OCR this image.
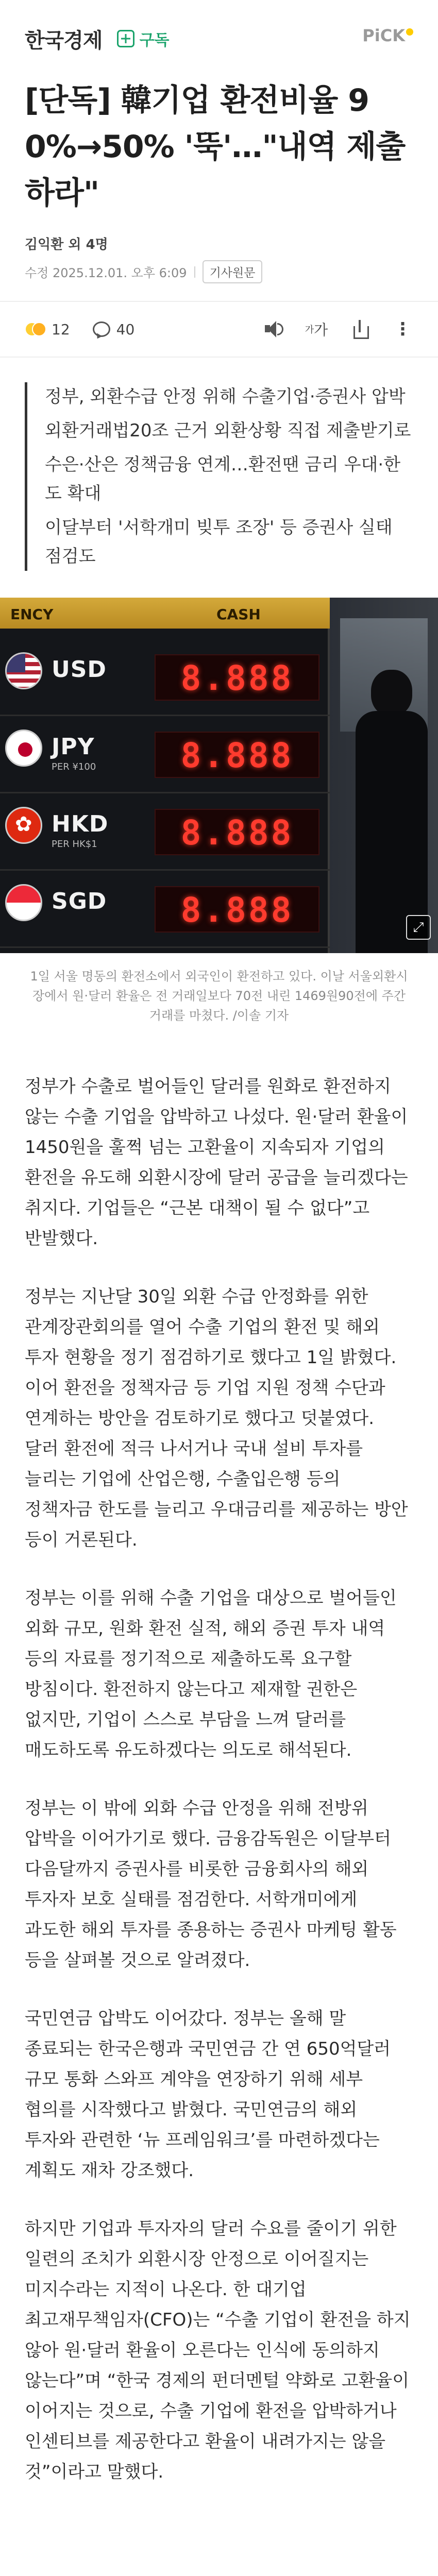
한국경제 구독	PiCK
[단독] 韓기업 환전비율 90%→50% '뚝'…"내역 제출하라"
김익환 외 4명
수정 2025.12.01. 오후 6:09	기사원문
12	40	가 가	⋮

정부, 외환수급 안정 위해 수출기업·증권사 압박

외환거래법20조 근거 외환상황 직접 제출받기로

수은·산은 정책금융 연계…환전땐 금리 우대·한도 확대

이달부터 '서학개미 빚투 조장' 등 증권사 실태 점검도

ENCY	CASH
USD	8.888
JPY
PER ¥100	8.888
✿
HKD
PER HK$1	8.888
SGD	8.888	⤢

1일 서울 명동의 환전소에서 외국인이 환전하고 있다. 이날 서울외환시장에서 원·달러 환율은 전 거래일보다 70전 내린 1469원90전에 주간거래를 마쳤다. /이솔 기자

정부가 수출로 벌어들인 달러를 원화로 환전하지 않는 수출 기업을 압박하고 나섰다. 원·달러 환율이 1450원을 훌쩍 넘는 고환율이 지속되자 기업의 환전을 유도해 외환시장에 달러 공급을 늘리겠다는 취지다. 기업들은 “근본 대책이 될 수 없다”고 반발했다.

정부는 지난달 30일 외환 수급 안정화를 위한 관계장관회의를 열어 수출 기업의 환전 및 해외 투자 현황을 정기 점검하기로 했다고 1일 밝혔다. 이어 환전을 정책자금 등 기업 지원 정책 수단과 연계하는 방안을 검토하기로 했다고 덧붙였다. 달러 환전에 적극 나서거나 국내 설비 투자를 늘리는 기업에 산업은행, 수출입은행 등의 정책자금 한도를 늘리고 우대금리를 제공하는 방안 등이 거론된다.

정부는 이를 위해 수출 기업을 대상으로 벌어들인 외화 규모, 원화 환전 실적, 해외 증권 투자 내역 등의 자료를 정기적으로 제출하도록 요구할 방침이다. 환전하지 않는다고 제재할 권한은 없지만, 기업이 스스로 부담을 느껴 달러를 매도하도록 유도하겠다는 의도로 해석된다.

정부는 이 밖에 외화 수급 안정을 위해 전방위 압박을 이어가기로 했다. 금융감독원은 이달부터 다음달까지 증권사를 비롯한 금융회사의 해외 투자자 보호 실태를 점검한다. 서학개미에게 과도한 해외 투자를 종용하는 증권사 마케팅 활동 등을 살펴볼 것으로 알려졌다.

국민연금 압박도 이어갔다. 정부는 올해 말 종료되는 한국은행과 국민연금 간 연 650억달러 규모 통화 스와프 계약을 연장하기 위해 세부 협의를 시작했다고 밝혔다. 국민연금의 해외 투자와 관련한 ‘뉴 프레임워크’를 마련하겠다는 계획도 재차 강조했다.

하지만 기업과 투자자의 달러 수요를 줄이기 위한 일련의 조치가 외환시장 안정으로 이어질지는 미지수라는 지적이 나온다. 한 대기업 최고재무책임자(CFO)는 “수출 기업이 환전을 하지 않아 원·달러 환율이 오른다는 인식에 동의하지 않는다”며 “한국 경제의 펀더멘털 약화로 고환율이 이어지는 것으로, 수출 기업에 환전을 압박하거나 인센티브를 제공한다고 환율이 내려가지는 않을 것”이라고 말했다.
